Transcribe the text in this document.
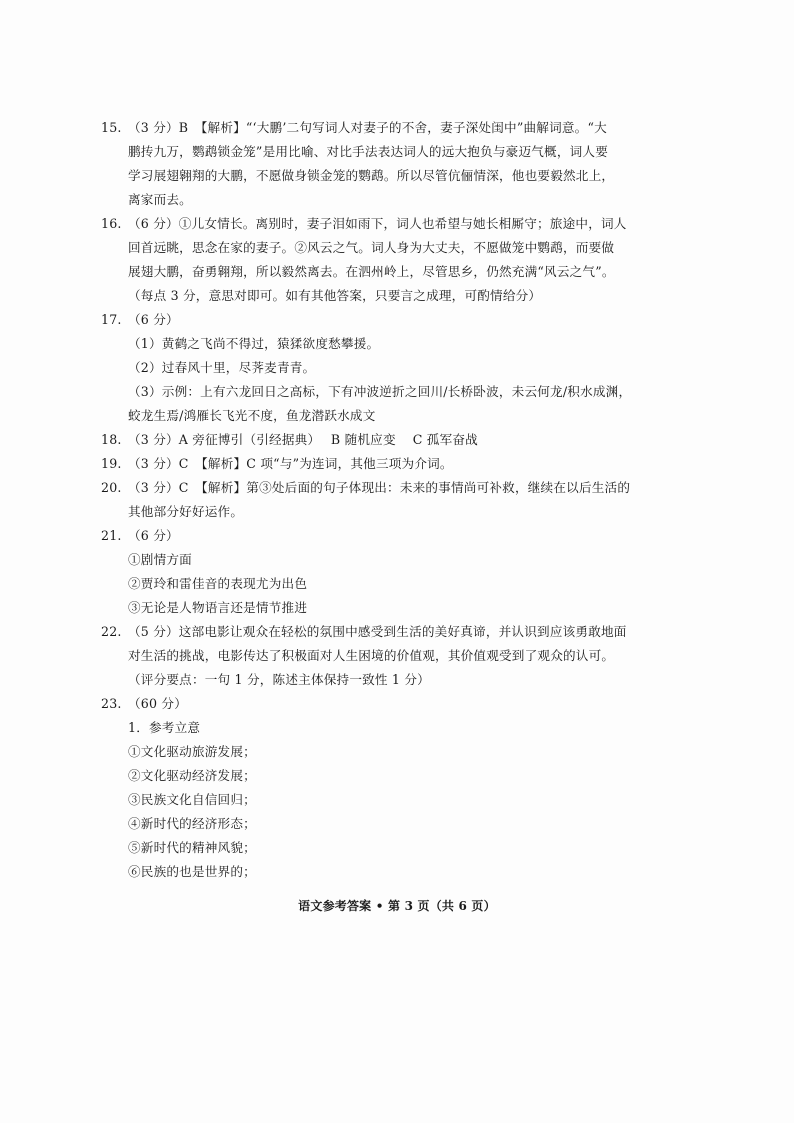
15. （3 分）B　【解析】“‘大鹏’二句写词人对妻子的不舍，妻子深处闺中”曲解词意。“大
鹏抟九万，鹦鹉锁金笼”是用比喻、对比手法表达词人的远大抱负与豪迈气概，词人要
学习展翅翱翔的大鹏，不愿做身锁金笼的鹦鹉。所以尽管伉俪情深，他也要毅然北上，
离家而去。
16. （6 分）①儿女情长。离别时，妻子泪如雨下，词人也希望与她长相厮守；旅途中，词人
回首远眺，思念在家的妻子。②风云之气。词人身为大丈夫，不愿做笼中鹦鹉，而要做
展翅大鹏，奋勇翱翔，所以毅然离去。在泗州岭上，尽管思乡，仍然充满“风云之气”。
（每点 3 分，意思对即可。如有其他答案，只要言之成理，可酌情给分）
17. （6 分）
（1）黄鹤之飞尚不得过，猿猱欲度愁攀援。
（2）过春风十里，尽荠麦青青。
（3）示例：上有六龙回日之高标，下有冲波逆折之回川/长桥卧波，未云何龙/积水成渊，
蛟龙生焉/鸿雁长飞光不度，鱼龙潜跃水成文
18. （3 分）A 旁征博引（引经据典）　 B 随机应变　 C 孤军奋战
19. （3 分）C　【解析】C 项“与”为连词，其他三项为介词。
20. （3 分）C　【解析】第③处后面的句子体现出：未来的事情尚可补救，继续在以后生活的
其他部分好好运作。
21. （6 分）
①剧情方面
②贾玲和雷佳音的表现尤为出色
③无论是人物语言还是情节推进
22. （5 分）这部电影让观众在轻松的氛围中感受到生活的美好真谛，并认识到应该勇敢地面
对生活的挑战，电影传达了积极面对人生困境的价值观，其价值观受到了观众的认可。
（评分要点：一句 1 分，陈述主体保持一致性 1 分）
23. （60 分）
1．参考立意
①文化驱动旅游发展；
②文化驱动经济发展；
③民族文化自信回归；
④新时代的经济形态；
⑤新时代的精神风貌；
⑥民族的也是世界的；
语文参考答案 • 第 3 页（共 6 页）
